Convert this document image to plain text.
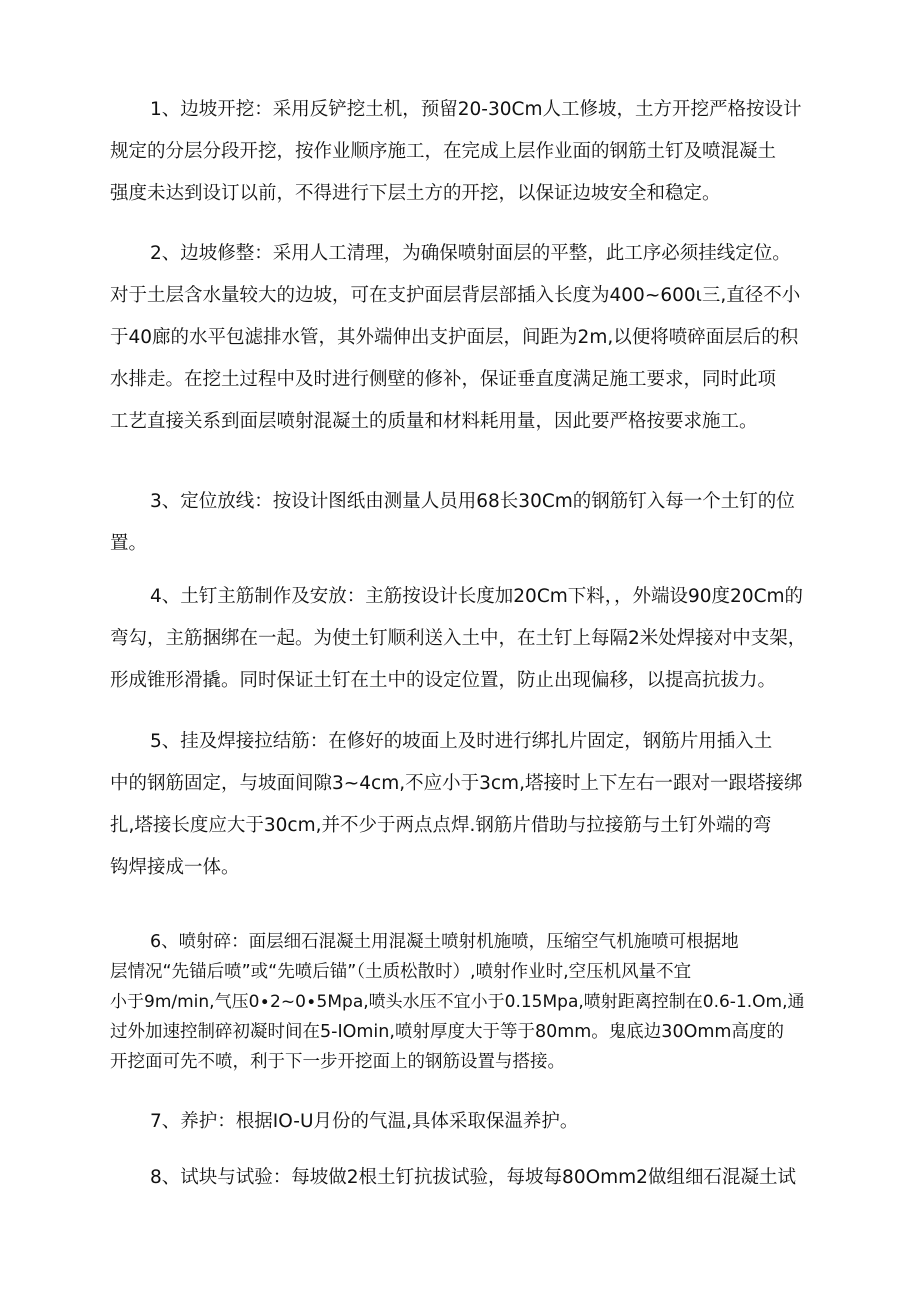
1、边坡开挖：采用反铲挖土机，预留20-30Cm人工修坡，土方开挖严格按设计
规定的分层分段开挖，按作业顺序施工，在完成上层作业面的钢筋土钉及喷混凝土
强度未达到设订以前，不得进行下层土方的开挖，以保证边坡安全和稳定。
2、边坡修整：采用人工清理，为确保喷射面层的平整，此工序必须挂线定位。
对于土层含水量较大的边坡，可在支护面层背层部插入长度为400~600ι三,直径不小
于40廊的水平包滤排水管，其外端伸出支护面层，间距为2m,以便将喷碎面层后的积
水排走。在挖土过程中及时进行侧壁的修补，保证垂直度满足施工要求，同时此项
工艺直接关系到面层喷射混凝土的质量和材料耗用量，因此要严格按要求施工。
3、定位放线：按设计图纸由测量人员用68长30Cm的钢筋钉入每一个土钉的位
置。
4、土钉主筋制作及安放：主筋按设计长度加20Cm下料，，外端设90度20Cm的
弯勾，主筋捆绑在一起。为使土钉顺利送入土中，在土钉上每隔2米处焊接对中支架，
形成锥形滑撬。同时保证土钉在土中的设定位置，防止出现偏移，以提高抗拔力。
5、挂及焊接拉结筋：在修好的坡面上及时进行绑扎片固定，钢筋片用插入土
中的钢筋固定，与坡面间隙3~4cm,不应小于3cm,塔接时上下左右一跟对一跟塔接绑
扎,塔接长度应大于30cm,并不少于两点点焊.钢筋片借助与拉接筋与土钉外端的弯
钩焊接成一体。
6、喷射碎：面层细石混凝土用混凝土喷射机施喷，压缩空气机施喷可根据地
层情况“先锚后喷”或“先喷后锚”（土质松散时）,喷射作业时,空压机风量不宜
小于9m∕min,气压0∙2~0∙5Mpa,喷头水压不宜小于0.15Mpa,喷射距离控制在0.6-1.Om,通
过外加速控制碎初凝时间在5-IOmin,喷射厚度大于等于80mm。鬼底边30Omm高度的
开挖面可先不喷，利于下一步开挖面上的钢筋设置与搭接。
7、养护：根据IO-U月份的气温,具体采取保温养护。
8、试块与试验：每坡做2根土钉抗拔试验，每坡每80Omm2做组细石混凝土试
